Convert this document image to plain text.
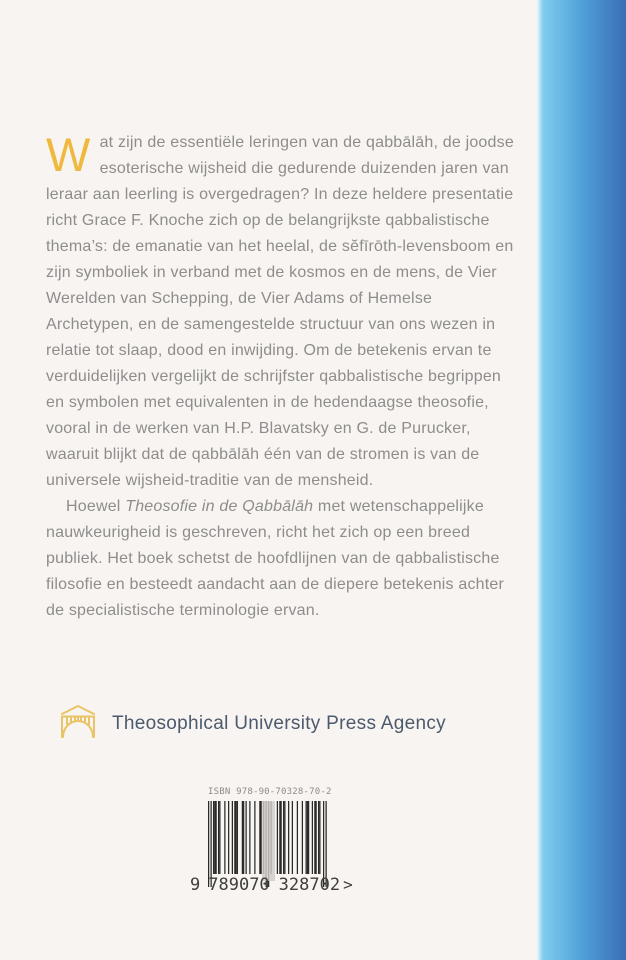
Wat zijn de essentiële leringen van de qabbālāh, de joodse esoterische wijsheid die gedurende duizenden jaren van leraar aan leerling is overgedragen? In deze heldere presentatie richt Grace F. Knoche zich op de belangrijkste qabbalistische thema’s: de emanatie van het heelal, de sĕfīrōth-levensboom en zijn symboliek in verband met de kosmos en de mens, de Vier Werelden van Schepping, de Vier Adams of Hemelse Archetypen, en de samengestelde structuur van ons wezen in relatie tot slaap, dood en inwijding. Om de betekenis ervan te verduidelijken vergelijkt de schrijfster qabbalistische begrippen en symbolen met equivalenten in de hedendaagse theosofie, vooral in de werken van H.P. Blavatsky en G. de Purucker, waaruit blijkt dat de qabbālāh één van de stromen is van de universele wijsheid-traditie van de mensheid.

Hoewel Theosofie in de Qabbālāh met wetenschappelijke nauwkeurigheid is geschreven, richt het zich op een breed publiek. Het boek schetst de hoofdlijnen van de qabbalistische filosofie en besteedt aandacht aan de diepere betekenis achter de specialistische terminologie ervan.

Theosophical University Press Agency
ISBN 978-90-70328-70-2
9 789070 328702 >
